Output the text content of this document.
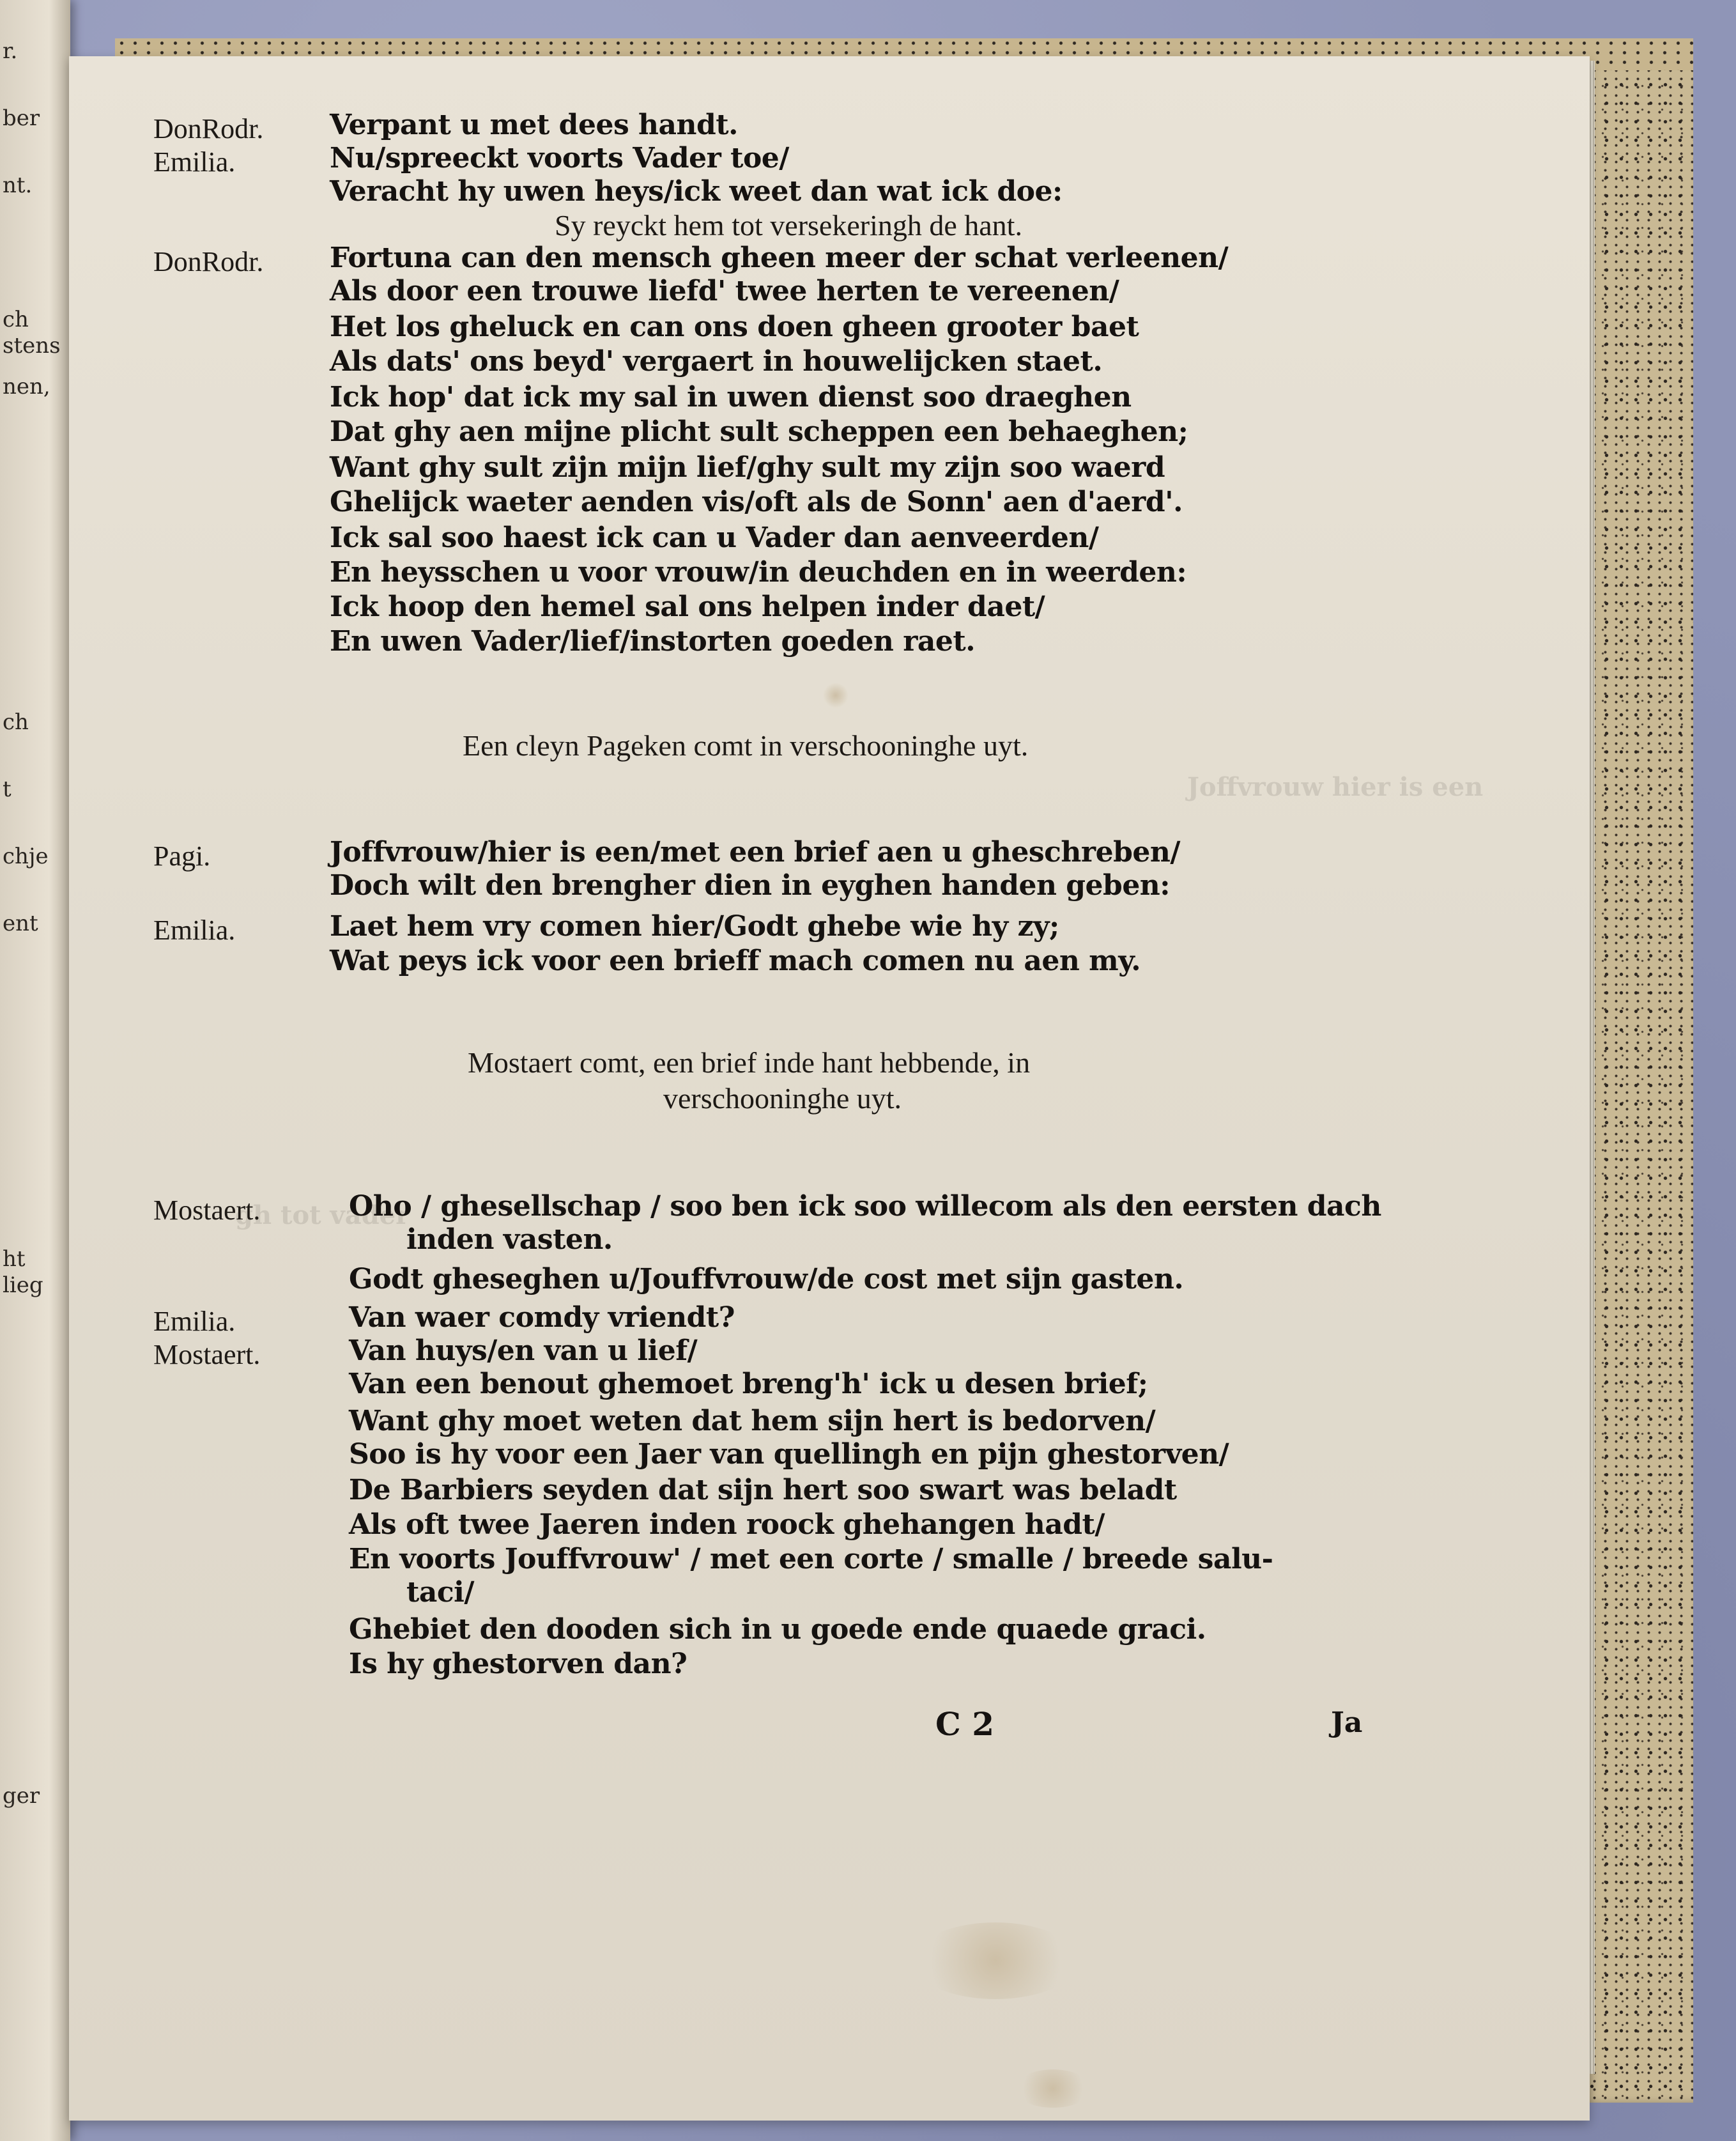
r.
ber
nt.
ch stens
nen,
ch
t
chje
ent
ht lieg
ger
Joffvrouw hier is een
gh tot vader
DonRodr. Verpant u met dees handt.
Emilia.	Nu/spreeckt voorts Vader toe/
Veracht hy uwen heys/ick weet dan wat ick doe:
Sy reyckt hem tot versekeringh de hant.
DonRodr. Fortuna can den mensch gheen meer der schat verleenen/
Als door een trouwe liefd' twee herten te vereenen/
Het los gheluck en can ons doen gheen grooter baet
Als dats' ons beyd' vergaert in houwelijcken staet.
Ick hop' dat ick my sal in uwen dienst soo draeghen
Dat ghy aen mijne plicht sult scheppen een behaeghen;
Want ghy sult zijn mijn lief/ghy sult my zijn soo waerd
Ghelijck waeter aenden vis/oft als de Sonn' aen d'aerd'.
Ick sal soo haest ick can u Vader dan aenveerden/
En heysschen u voor vrouw/in deuchden en in weerden:
Ick hoop den hemel sal ons helpen inder daet/
En uwen Vader/lief/instorten goeden raet.
Een cleyn Pageken comt in verschooninghe uyt.
Pagi.	Joffvrouw/hier is een/met een brief aen u gheschreben/
Doch wilt den brengher dien in eyghen handen geben:
Emilia.	Laet hem vry comen hier/Godt ghebe wie hy zy;
Wat peys ick voor een brieff mach comen nu aen my.
Mostaert comt, een brief inde hant hebbende, in
verschooninghe uyt.
Mostaert.	Oho / ghesellschap / soo ben ick soo willecom als den eersten dach
inden vasten.
Godt gheseghen u/Jouffvrouw/de cost met sijn gasten.
Emilia.	Van waer comdy vriendt?
Mostaert.	Van huys/en van u lief/
Van een benout ghemoet breng'h' ick u desen brief;
Want ghy moet weten dat hem sijn hert is bedorven/
Soo is hy voor een Jaer van quellingh en pijn ghestorven/
De Barbiers seyden dat sijn hert soo swart was beladt
Als oft twee Jaeren inden roock ghehangen hadt/
En voorts Jouffvrouw' / met een corte / smalle / breede salu-
taci/
Ghebiet den dooden sich in u goede ende quaede graci.
Is hy ghestorven dan?
C 2	Ja
